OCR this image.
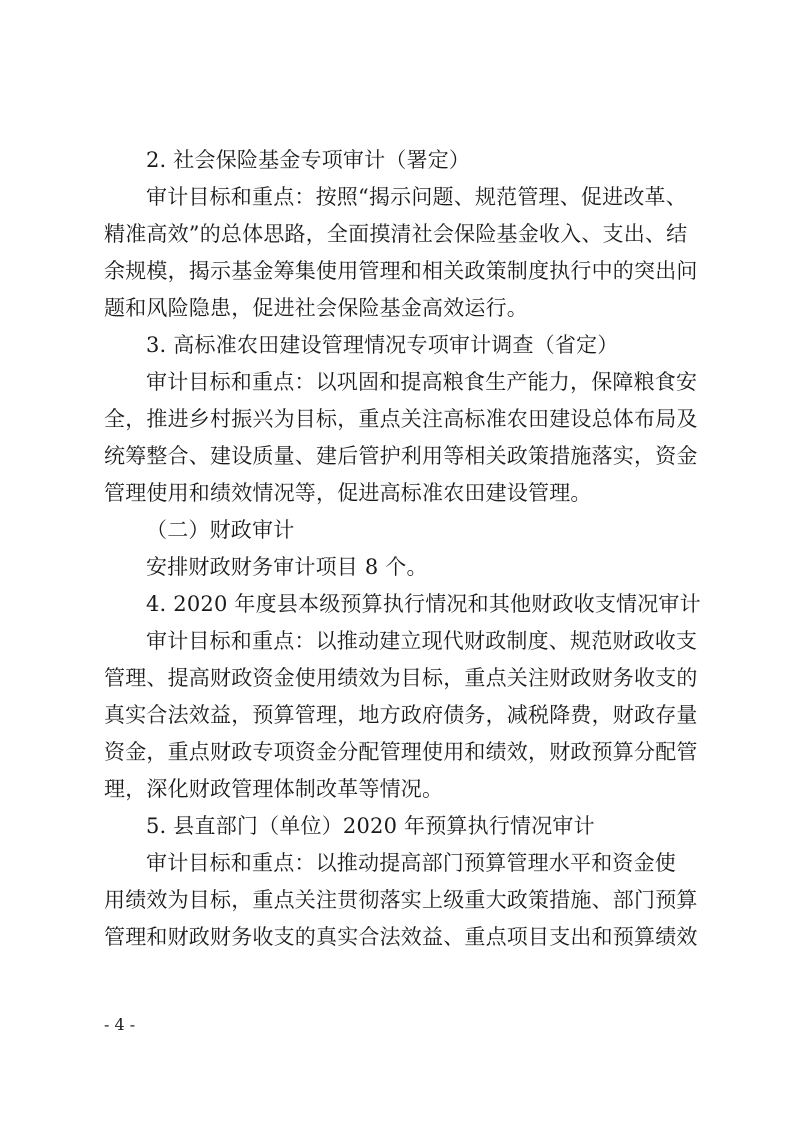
2. 社会保险基金专项审计（署定）
审计目标和重点：按照“揭示问题、规范管理、促进改革、
精准高效”的总体思路，全面摸清社会保险基金收入、支出、结
余规模，揭示基金筹集使用管理和相关政策制度执行中的突出问
题和风险隐患，促进社会保险基金高效运行。
3. 高标准农田建设管理情况专项审计调查（省定）
审计目标和重点：以巩固和提高粮食生产能力，保障粮食安
全，推进乡村振兴为目标，重点关注高标准农田建设总体布局及
统筹整合、建设质量、建后管护利用等相关政策措施落实，资金
管理使用和绩效情况等，促进高标准农田建设管理。
（二）财政审计
安排财政财务审计项目 8 个。
4. 2020 年度县本级预算执行情况和其他财政收支情况审计
审计目标和重点：以推动建立现代财政制度、规范财政收支
管理、提高财政资金使用绩效为目标，重点关注财政财务收支的
真实合法效益，预算管理，地方政府债务，减税降费，财政存量
资金，重点财政专项资金分配管理使用和绩效，财政预算分配管
理，深化财政管理体制改革等情况。
5. 县直部门（单位）2020 年预算执行情况审计
审计目标和重点：以推动提高部门预算管理水平和资金使
用绩效为目标，重点关注贯彻落实上级重大政策措施、部门预算
管理和财政财务收支的真实合法效益、重点项目支出和预算绩效
- 4 -
